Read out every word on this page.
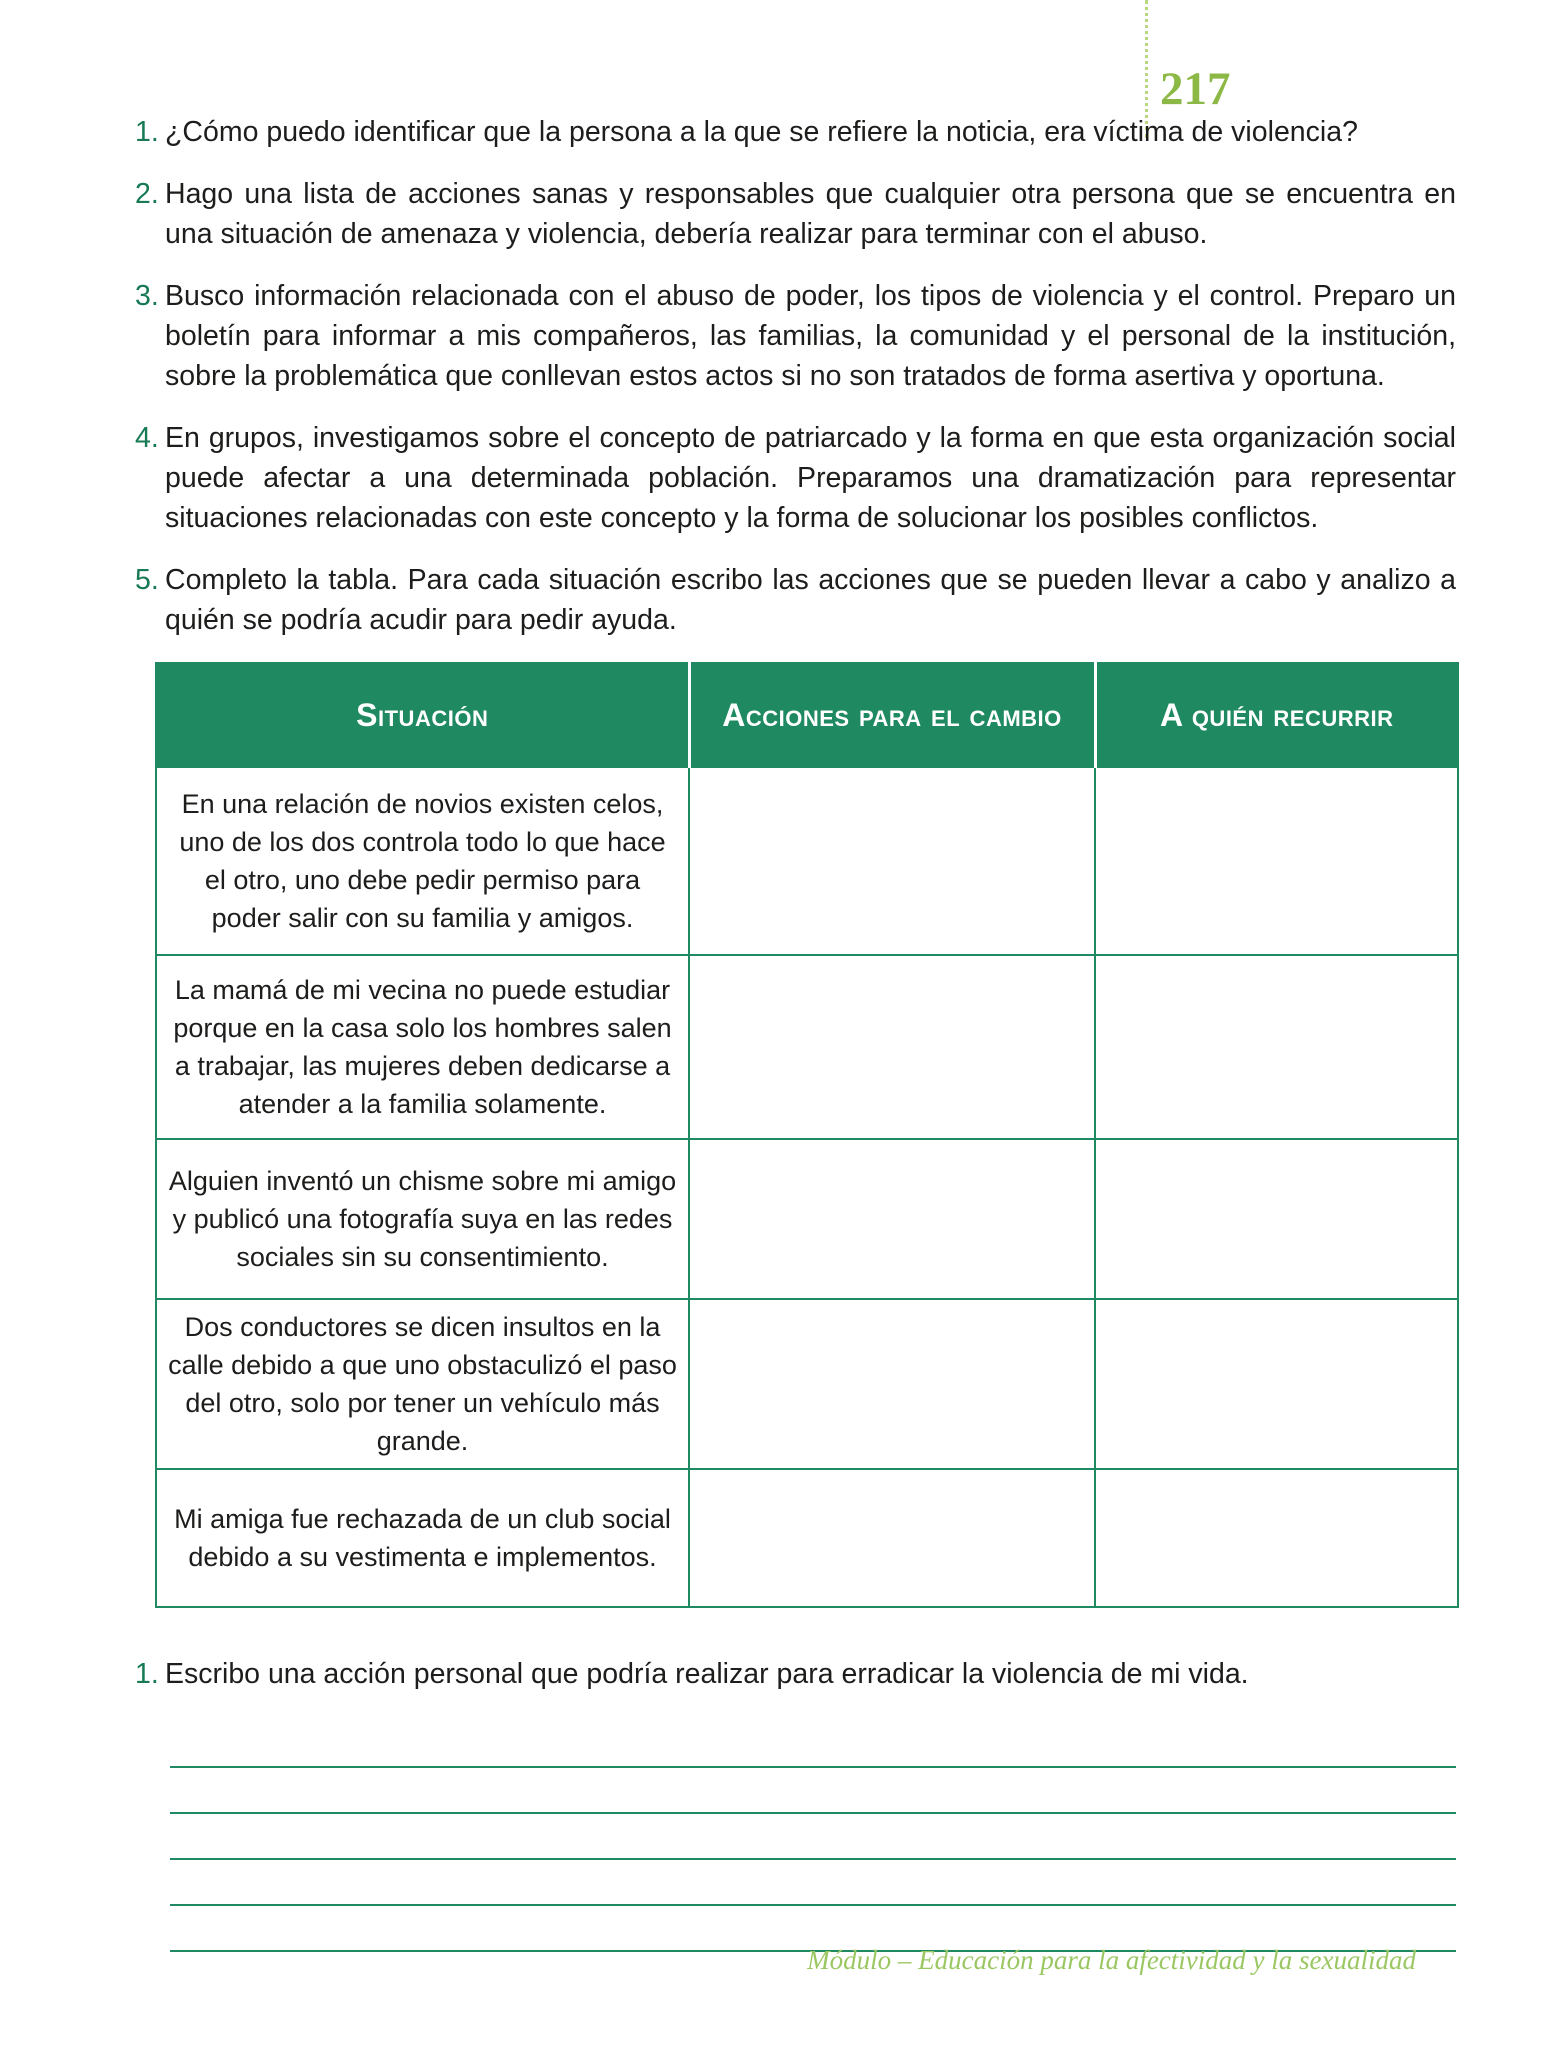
217
1. ¿Cómo puedo identificar que la persona a la que se refiere la noticia, era víctima de violencia?
2. Hago una lista de acciones sanas y responsables que cualquier otra persona que se encuentra en una situación de amenaza y violencia, debería realizar para terminar con el abuso.
3. Busco información relacionada con el abuso de poder, los tipos de violencia y el control. Preparo un boletín para informar a mis compañeros, las familias, la comunidad y el personal de la institución, sobre la problemática que conllevan estos actos si no son tratados de forma asertiva y oportuna.
4. En grupos, investigamos sobre el concepto de patriarcado y la forma en que esta organización social puede afectar a una determinada población. Preparamos una dramatización para representar situaciones relacionadas con este concepto y la forma de solucionar los posibles conflictos.
5. Completo la tabla. Para cada situación escribo las acciones que se pueden llevar a cabo y analizo a quién se podría acudir para pedir ayuda.
Situación	Acciones para el cambio	A quién recurrir
En una relación de novios existen celos, uno de los dos controla todo lo que hace el otro, uno debe pedir permiso para poder salir con su familia y amigos.		
La mamá de mi vecina no puede estudiar porque en la casa solo los hombres salen a trabajar, las mujeres deben dedicarse a atender a la familia solamente.		
Alguien inventó un chisme sobre mi amigo y publicó una fotografía suya en las redes sociales sin su consentimiento.		
Dos conductores se dicen insultos en la calle debido a que uno obstaculizó el paso del otro, solo por tener un vehículo más grande.		
Mi amiga fue rechazada de un club social debido a su vestimenta e implementos.		
1. Escribo una acción personal que podría realizar para erradicar la violencia de mi vida.
Módulo – Educación para la afectividad y la sexualidad
